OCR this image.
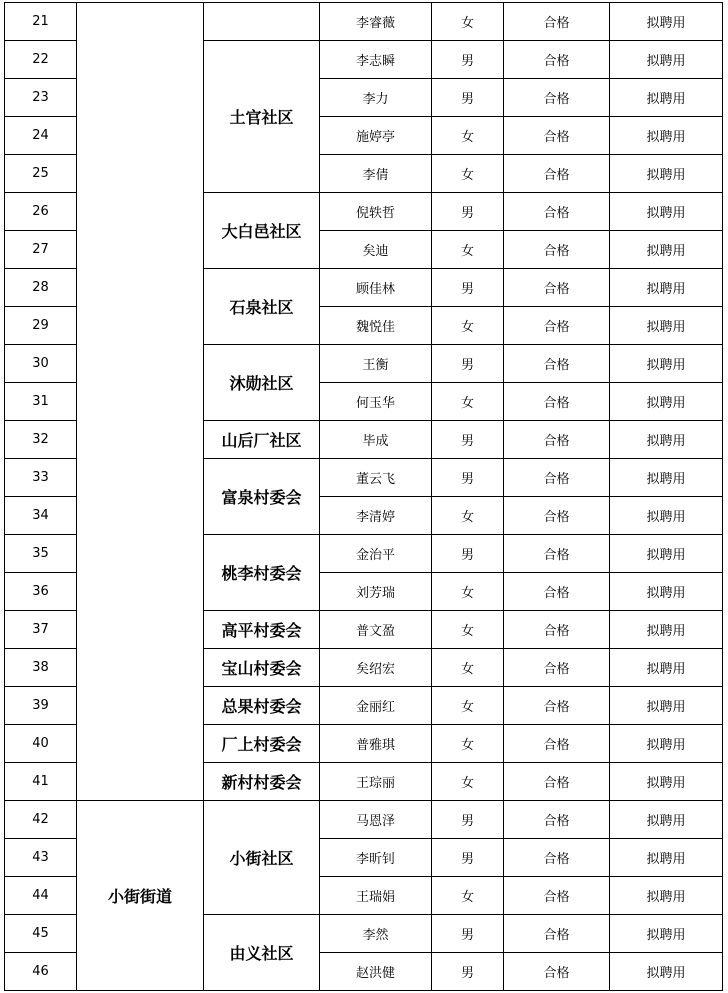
21			李睿薇	女	合格	拟聘用
22		土官社区	李志瞬	男	合格	拟聘用
23			李力	男	合格	拟聘用
24			施婷亭	女	合格	拟聘用
25			李倩	女	合格	拟聘用
26		大白邑社区	倪轶哲	男	合格	拟聘用
27			矣迪	女	合格	拟聘用
28		石泉社区	顾佳林	男	合格	拟聘用
29			魏悦佳	女	合格	拟聘用
30		沐勋社区	王衡	男	合格	拟聘用
31			何玉华	女	合格	拟聘用
32		山后厂社区	毕成	男	合格	拟聘用
33		富泉村委会	董云飞	男	合格	拟聘用
34			李清婷	女	合格	拟聘用
35		桃李村委会	金治平	男	合格	拟聘用
36			刘芳瑞	女	合格	拟聘用
37		高平村委会	普文盈	女	合格	拟聘用
38		宝山村委会	矣绍宏	女	合格	拟聘用
39		总果村委会	金丽红	女	合格	拟聘用
40		厂上村委会	普雅琪	女	合格	拟聘用
41		新村村委会	王琮丽	女	合格	拟聘用
42	小街街道	小街社区	马恩泽	男	合格	拟聘用
43			李昕钊	男	合格	拟聘用
44			王瑞娟	女	合格	拟聘用
45		由义社区	李然	男	合格	拟聘用
46			赵洪健	男	合格	拟聘用
